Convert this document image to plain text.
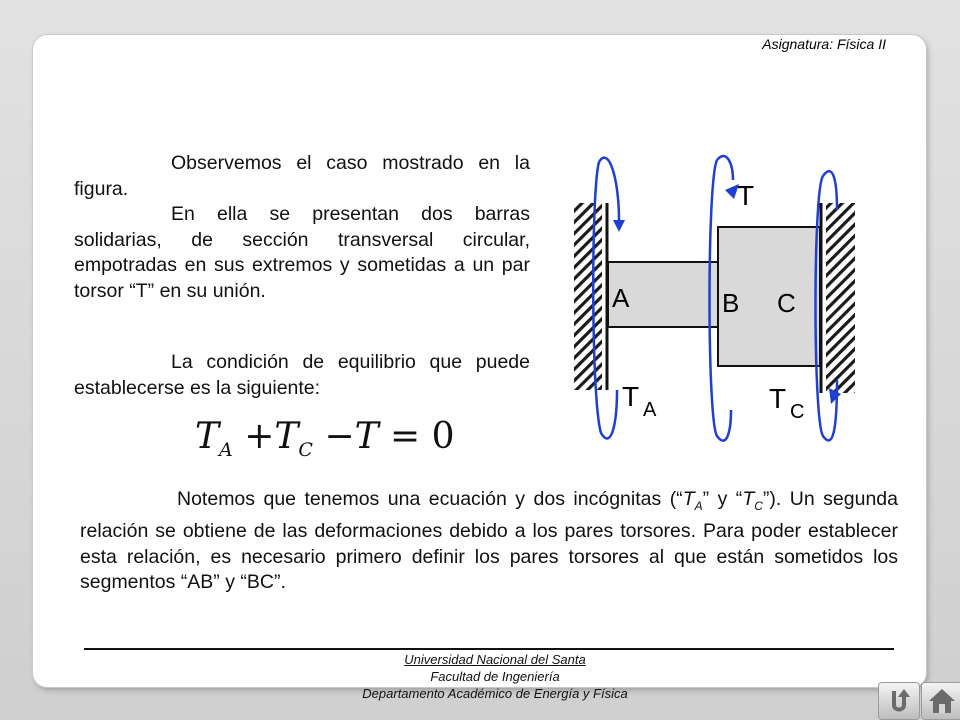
Asignatura: Física II
Observemos el caso mostrado en la figura.
En ella se presentan dos barras solidarias, de sección transversal circular, empotradas en sus extremos y sometidas a un par torsor “T” en su unión.
La condición de equilibrio que puede establecerse es la siguiente:
$T_A +T_C -T = 0$
Notemos que tenemos una ecuación y dos incógnitas (“$T_A$” y “$T_C$”). Un segunda relación se obtiene de las deformaciones debido a los pares torsores. Para poder establecer esta relación, es necesario primero definir los pares torsores al que están sometidos los segmentos “AB” y “BC”.
A	B C
T
T A	T C
Universidad Nacional del Santa
Facultad de Ingeniería
Departamento Académico de Energía y Física
